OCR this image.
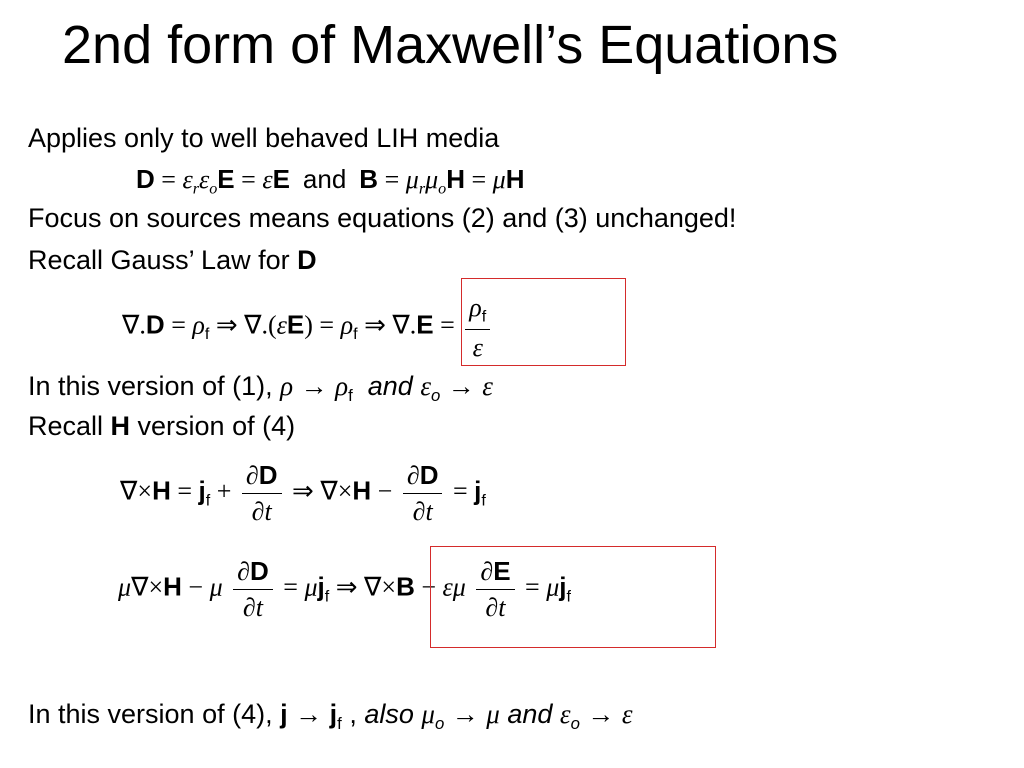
2nd form of Maxwell’s Equations
Applies only to well behaved LIH media
$D = \varepsilon_r\varepsilon_oE = \varepsilon E$ and $B = \mu_r\mu_oH = \mu H$
Focus on sources means equations (2) and (3) unchanged!
Recall Gauss’ Law for D
$\nabla.D = \rho_f$ ⇒ $\nabla.(\varepsilon E) = \rho_f$ ⇒ $\nabla.E = \frac{\rho_f}{\varepsilon}$
In this version of (1), $\rho \to \rho_f$ and $\varepsilon_o \to \varepsilon$
Recall H version of (4)
$\nabla\times H = j_f + \frac{\partial D}{\partial t}$ ⇒ $\nabla\times H - \frac{\partial D}{\partial t} = j_f$
μ∇×H − μ $\frac{\partial D}{\partial t} = \mu j_f$ ⇒ ∇×B − εμ $\frac{\partial E}{\partial t} = \mu j_f$
In this version of (4), $j \to j_f$ , also $\mu_o \to \mu$ and $\varepsilon_o \to \varepsilon$
